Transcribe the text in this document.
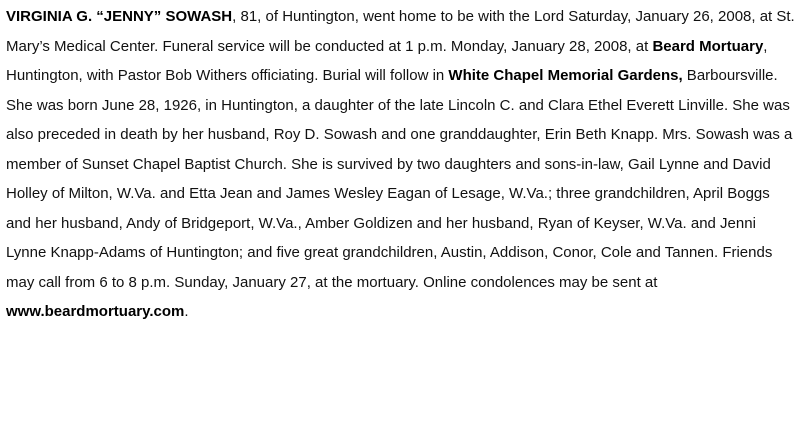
VIRGINIA G. “JENNY” SOWASH, 81, of Huntington, went home to be with the Lord Saturday, January 26, 2008, at St. Mary’s Medical Center. Funeral service will be conducted at 1 p.m. Monday, January 28, 2008, at Beard Mortuary, Huntington, with Pastor Bob Withers officiating. Burial will follow in White Chapel Memorial Gardens, Barboursville. She was born June 28, 1926, in Huntington, a daughter of the late Lincoln C. and Clara Ethel Everett Linville. She was also preceded in death by her husband, Roy D. Sowash and one granddaughter, Erin Beth Knapp. Mrs. Sowash was a member of Sunset Chapel Baptist Church. She is survived by two daughters and sons-in-law, Gail Lynne and David Holley of Milton, W.Va. and Etta Jean and James Wesley Eagan of Lesage, W.Va.; three grandchildren, April Boggs and her husband, Andy of Bridgeport, W.Va., Amber Goldizen and her husband, Ryan of Keyser, W.Va. and Jenni Lynne Knapp-Adams of Huntington; and five great grandchildren, Austin, Addison, Conor, Cole and Tannen. Friends may call from 6 to 8 p.m. Sunday, January 27, at the mortuary. Online condolences may be sent at www.beardmortuary.com.
